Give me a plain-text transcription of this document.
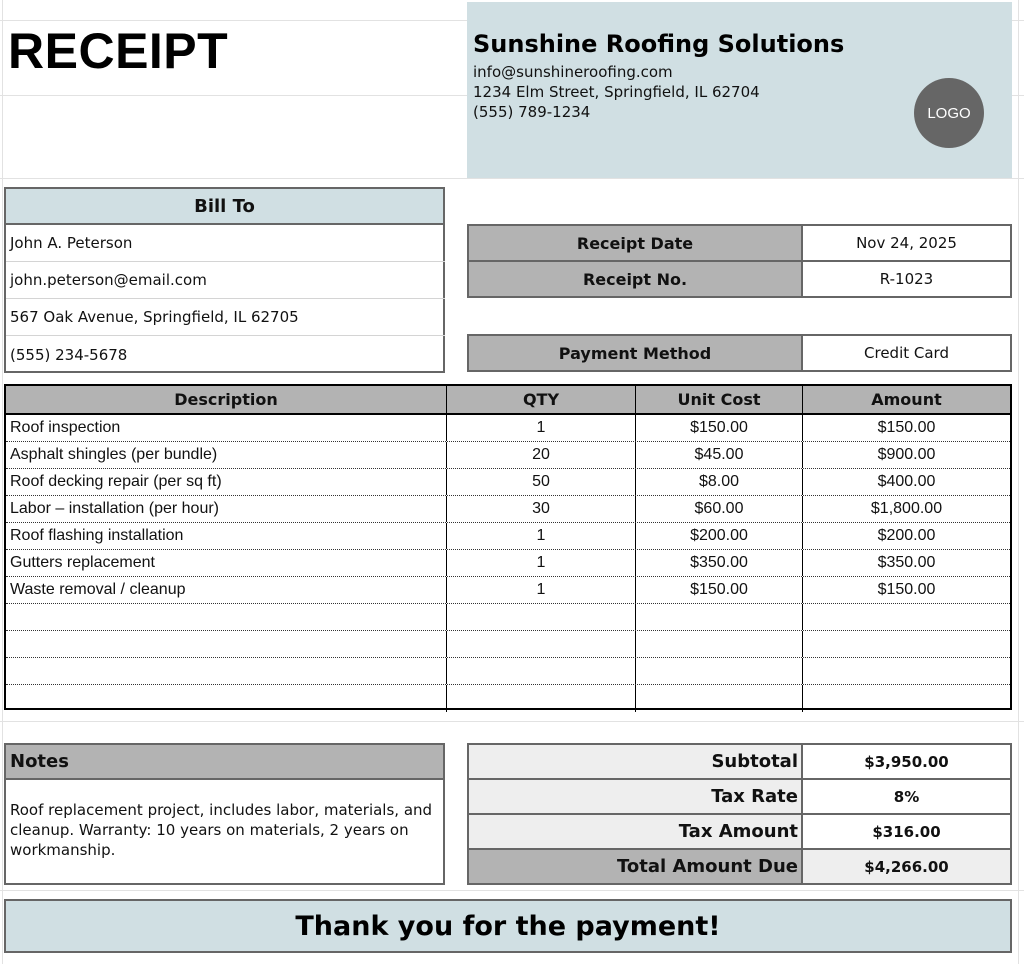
RECEIPT	Sunshine Roofing Solutions
info@sunshineroofing.com
1234 Elm Street, Springfield, IL 62704
(555) 789-1234	LOGO
Bill To
John A. Peterson
john.peterson@email.com
567 Oak Avenue, Springfield, IL 62705
(555) 234-5678
Receipt Date	Nov 24, 2025
Receipt No.	R-1023
Payment Method	Credit Card
Description	QTY	Unit Cost	Amount
Roof inspection	1	$150.00	$150.00
Asphalt shingles (per bundle)	20	$45.00	$900.00
Roof decking repair (per sq ft)	50	$8.00	$400.00
Labor – installation (per hour)	30	$60.00	$1,800.00
Roof flashing installation	1	$200.00	$200.00
Gutters replacement	1	$350.00	$350.00
Waste removal / cleanup	1	$150.00	$150.00
Notes
Roof replacement project, includes labor, materials, and cleanup. Warranty: 10 years on materials, 2 years on workmanship.
Subtotal	$3,950.00
Tax Rate	8%
Tax Amount	$316.00
Total Amount Due	$4,266.00
Thank you for the payment!
